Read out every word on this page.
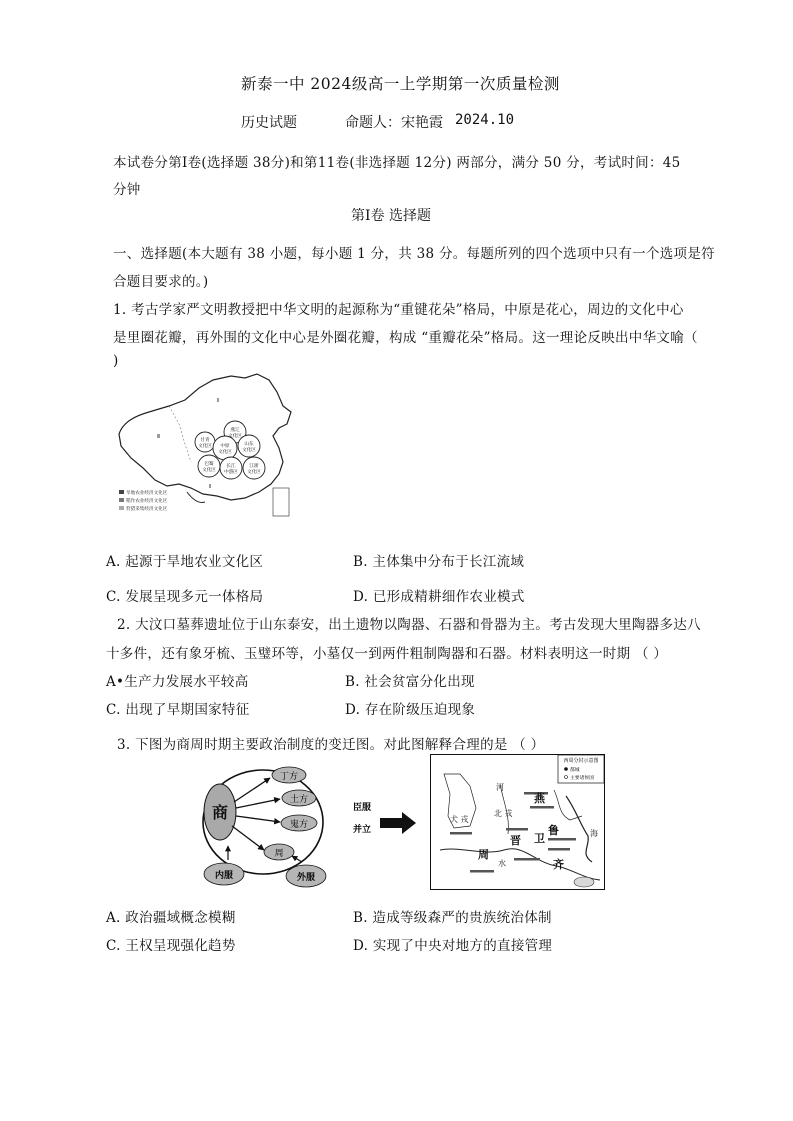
新泰一中 2024级高一上学期第一次质量检测
历史试题	命题人：宋艳霞 2024.10
本试卷分第Ⅰ卷(选择题 38分)和第11卷(非选择题 12分) 两部分，满分 50 分，考试时间：45
分钟
第Ⅰ卷 选择题
一、选择题(本大题有 38 小题，每小题 1 分，共 38 分。每题所列的四个选项中只有一个选项是符
合题目要求的。)
1. 考古学家严文明教授把中华文明的起源称为“重键花朵”格局，中原是花心，周边的文化中心
是里圈花瓣，再外围的文化中心是外圈花瓣，构成 “重瓣花朵”格局。这一理论反映出中华文喻（
)
Ⅲ
Ⅱ
Ⅱ
甘青
文化区
燕辽
文化区
中原
文化区
山东
文化区
巴蜀
文化区
长江
中游区
江浙
文化区
旱地农业经济文化区
稻作农业经济文化区
狩猎采集经济文化区
A. 起源于旱地农业文化区	B. 主体集中分布于长江流域
C. 发展呈现多元一体格局	D. 已形成精耕细作农业模式
2. 大汶口墓葬遗址位于山东泰安，出土遗物以陶器、石器和骨器为主。考古发现大里陶器多达八
十多件，还有象牙梳、玉璧环等，小墓仅一到两件粗制陶器和石器。材料表明这一时期 （ ）
A•生产力发展水平较高	B. 社会贫富分化出现
C. 出现了早期国家特征	D. 存在阶级压迫现象
3. 下图为商周时期主要政治制度的变迁图。对此图解释合理的是 （ ）
商
丁方
土方
鬼方
周
内服	外服
臣服
并立
西周分封示意图
都城
主要诸侯国
燕
晋 卫
鲁
齐
周
河
水
北 戎
犬 戎
海
A. 政治疆域概念模糊	B. 造成等级森严的贵族统治体制
C. 王权呈现强化趋势	D. 实现了中央对地方的直接管理
